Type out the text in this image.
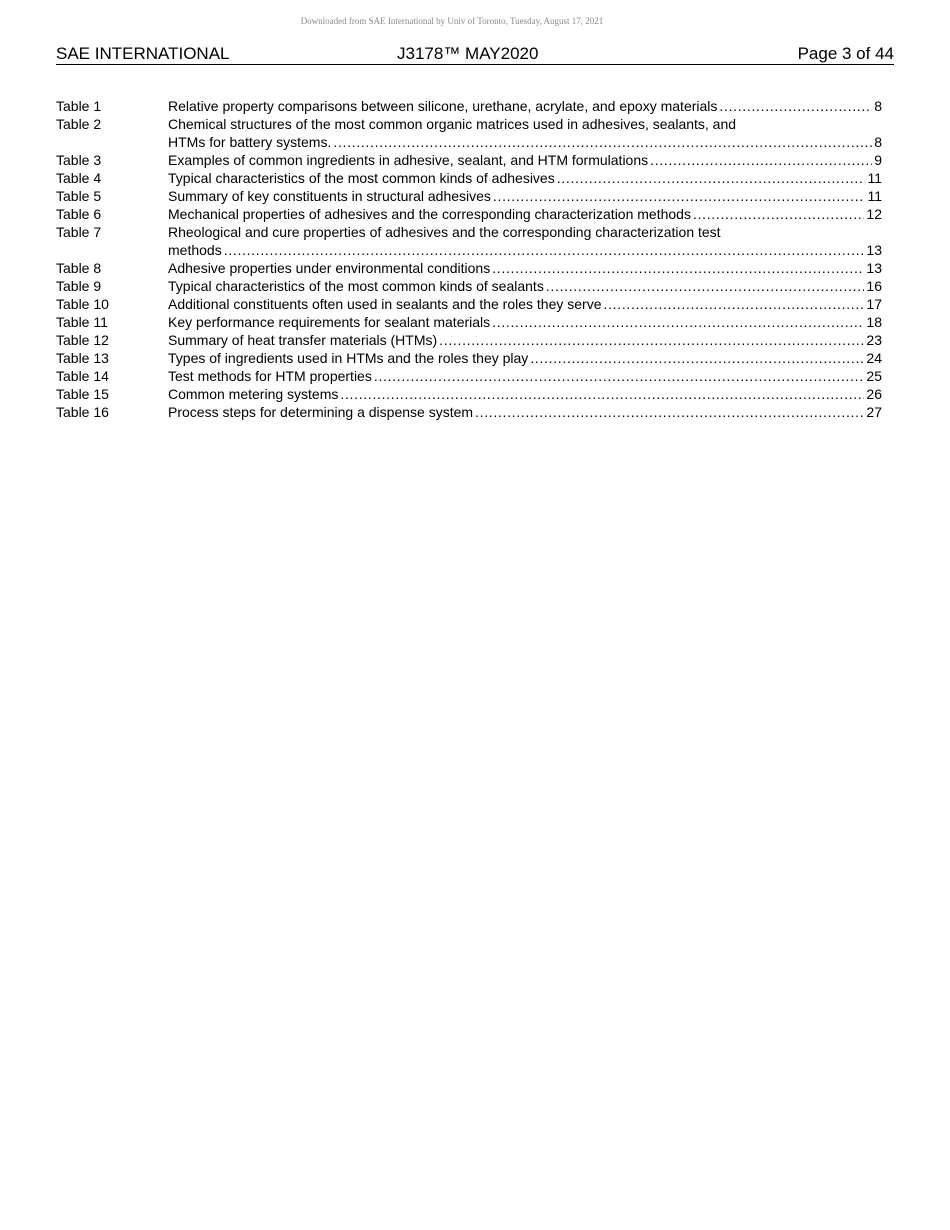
Downloaded from SAE International by Univ of Toronto, Tuesday, August 17, 2021
SAE INTERNATIONAL	J3178™ MAY2020	Page 3 of 44
Table 1	Relative property comparisons between silicone, urethane, acrylate, and epoxy materials . . .	8
Table 2	Chemical structures of the most common organic matrices used in adhesives, sealants, and
HTMs for battery systems. . . .	8
Table 3	Examples of common ingredients in adhesive, sealant, and HTM formulations . . .	9
Table 4	Typical characteristics of the most common kinds of adhesives . . .	11
Table 5	Summary of key constituents in structural adhesives . . .	11
Table 6	Mechanical properties of adhesives and the corresponding characterization methods . . .	12
Table 7	Rheological and cure properties of adhesives and the corresponding characterization test
methods . . .	13
Table 8	Adhesive properties under environmental conditions . . .	13
Table 9	Typical characteristics of the most common kinds of sealants . . .	16
Table 10	Additional constituents often used in sealants and the roles they serve . . .	17
Table 11	Key performance requirements for sealant materials . . .	18
Table 12	Summary of heat transfer materials (HTMs) . . .	23
Table 13	Types of ingredients used in HTMs and the roles they play . . .	24
Table 14	Test methods for HTM properties . . .	25
Table 15	Common metering systems . . .	26
Table 16	Process steps for determining a dispense system . . .	27
